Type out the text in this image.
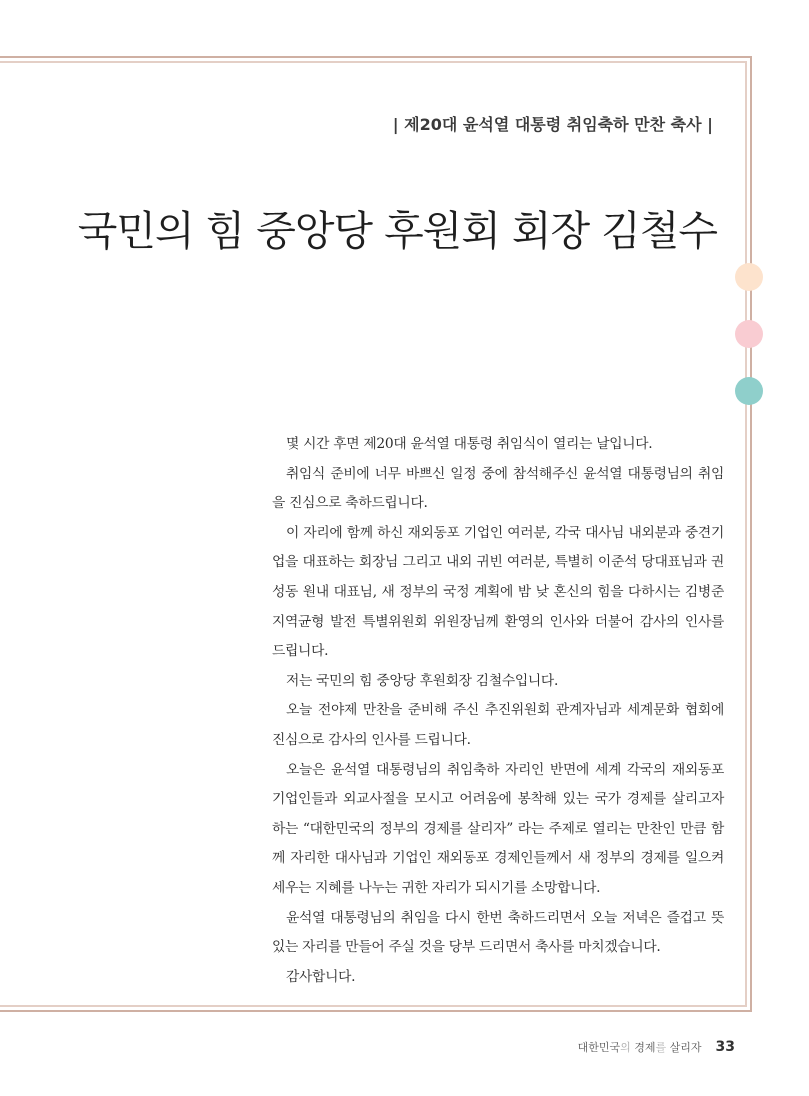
| 제20대 윤석열 대통령 취임축하 만찬 축사 |
국민의 힘 중앙당 후원회 회장 김철수

몇 시간 후면 제20대 윤석열 대통령 취임식이 열리는 날입니다.

취임식 준비에 너무 바쁘신 일정 중에 참석해주신 윤석열 대통령님의 취임을 진심으로 축하드립니다.

이 자리에 함께 하신 재외동포 기업인 여러분, 각국 대사님 내외분과 중견기업을 대표하는 회장님 그리고 내외 귀빈 여러분, 특별히 이준석 당대표님과 권성동 원내 대표님, 새 정부의 국정 계획에 밤 낮 혼신의 힘을 다하시는 김병준 지역균형 발전 특별위원회 위원장님께 환영의 인사와 더불어 감사의 인사를 드립니다.

저는 국민의 힘 중앙당 후원회장 김철수입니다.

오늘 전야제 만찬을 준비해 주신 추진위원회 관계자님과 세계문화 협회에 진심으로 감사의 인사를 드립니다.

오늘은 윤석열 대통령님의 취임축하 자리인 반면에 세계 각국의 재외동포 기업인들과 외교사절을 모시고 어려움에 봉착해 있는 국가 경제를 살리고자 하는 “대한민국의 정부의 경제를 살리자” 라는 주제로 열리는 만찬인 만큼 함께 자리한 대사님과 기업인 재외동포 경제인들께서 새 정부의 경제를 일으켜 세우는 지혜를 나누는 귀한 자리가 되시기를 소망합니다.

윤석열 대통령님의 취임을 다시 한번 축하드리면서 오늘 저녁은 즐겁고 뜻있는 자리를 만들어 주실 것을 당부 드리면서 축사를 마치겠습니다.

감사합니다.

대한민국의 경제를 살리자 33
